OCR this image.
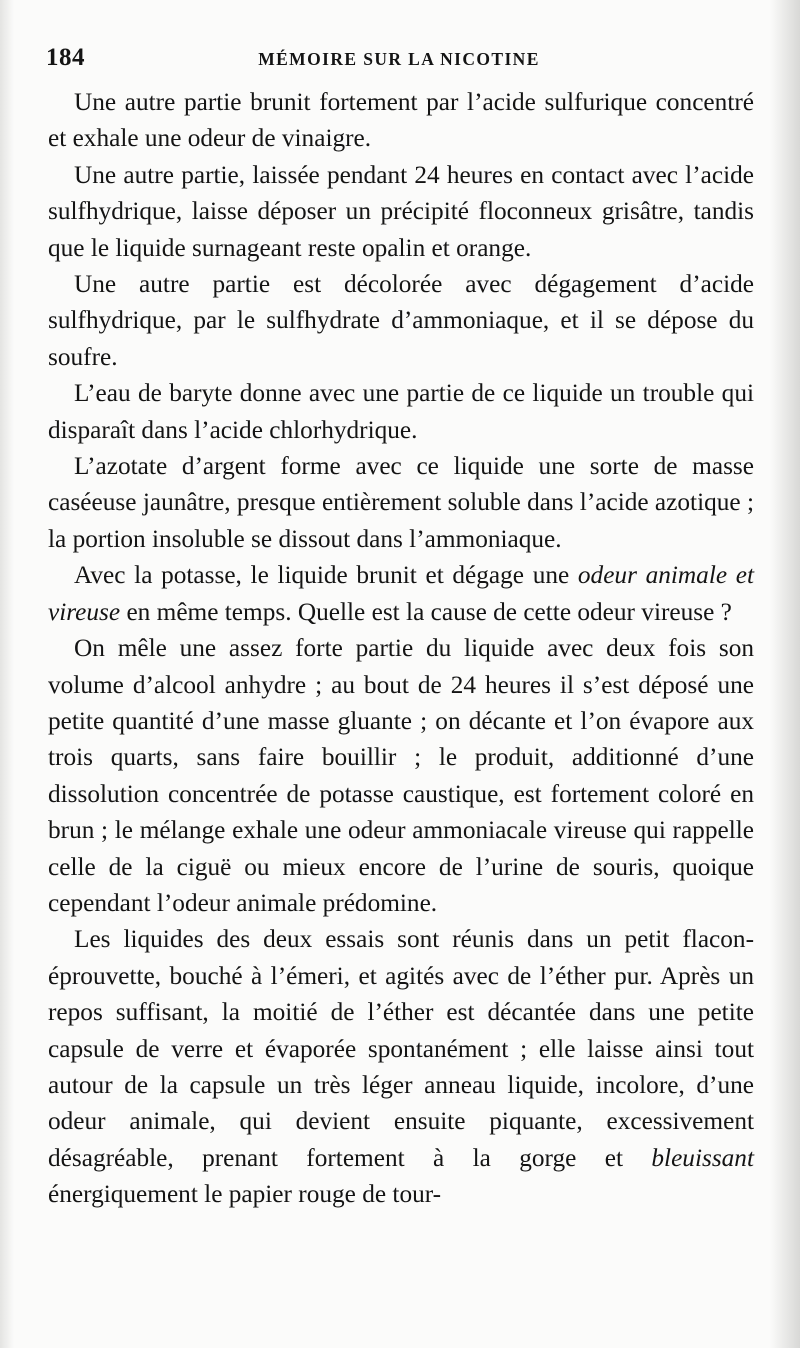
184	MÉMOIRE SUR LA NICOTINE

Une autre partie brunit fortement par l’acide sulfurique concentré et exhale une odeur de vinaigre.

Une autre partie, laissée pendant 24 heures en contact avec l’acide sulfhydrique, laisse déposer un précipité floconneux grisâtre, tandis que le liquide surnageant reste opalin et orange.

Une autre partie est décolorée avec dégagement d’acide sulfhydrique, par le sulfhydrate d’ammoniaque, et il se dépose du soufre.

L’eau de baryte donne avec une partie de ce liquide un trouble qui disparaît dans l’acide chlorhydrique.

L’azotate d’argent forme avec ce liquide une sorte de masse caséeuse jaunâtre, presque entièrement soluble dans l’acide azotique ; la portion insoluble se dissout dans l’ammoniaque.

Avec la potasse, le liquide brunit et dégage une odeur animale et vireuse en même temps. Quelle est la cause de cette odeur vireuse ?

On mêle une assez forte partie du liquide avec deux fois son volume d’alcool anhydre ; au bout de 24 heures il s’est déposé une petite quantité d’une masse gluante ; on décante et l’on évapore aux trois quarts, sans faire bouillir ; le produit, additionné d’une dissolution concentrée de potasse caustique, est fortement coloré en brun ; le mélange exhale une odeur ammoniacale vireuse qui rappelle celle de la ciguë ou mieux encore de l’urine de souris, quoique cependant l’odeur animale prédomine.

Les liquides des deux essais sont réunis dans un petit flacon-éprouvette, bouché à l’émeri, et agités avec de l’éther pur. Après un repos suffisant, la moitié de l’éther est décantée dans une petite capsule de verre et évaporée spontanément ; elle laisse ainsi tout autour de la capsule un très léger anneau liquide, incolore, d’une odeur animale, qui devient ensuite piquante, excessivement désagréable, prenant fortement à la gorge et bleuissant énergiquement le papier rouge de tour-
